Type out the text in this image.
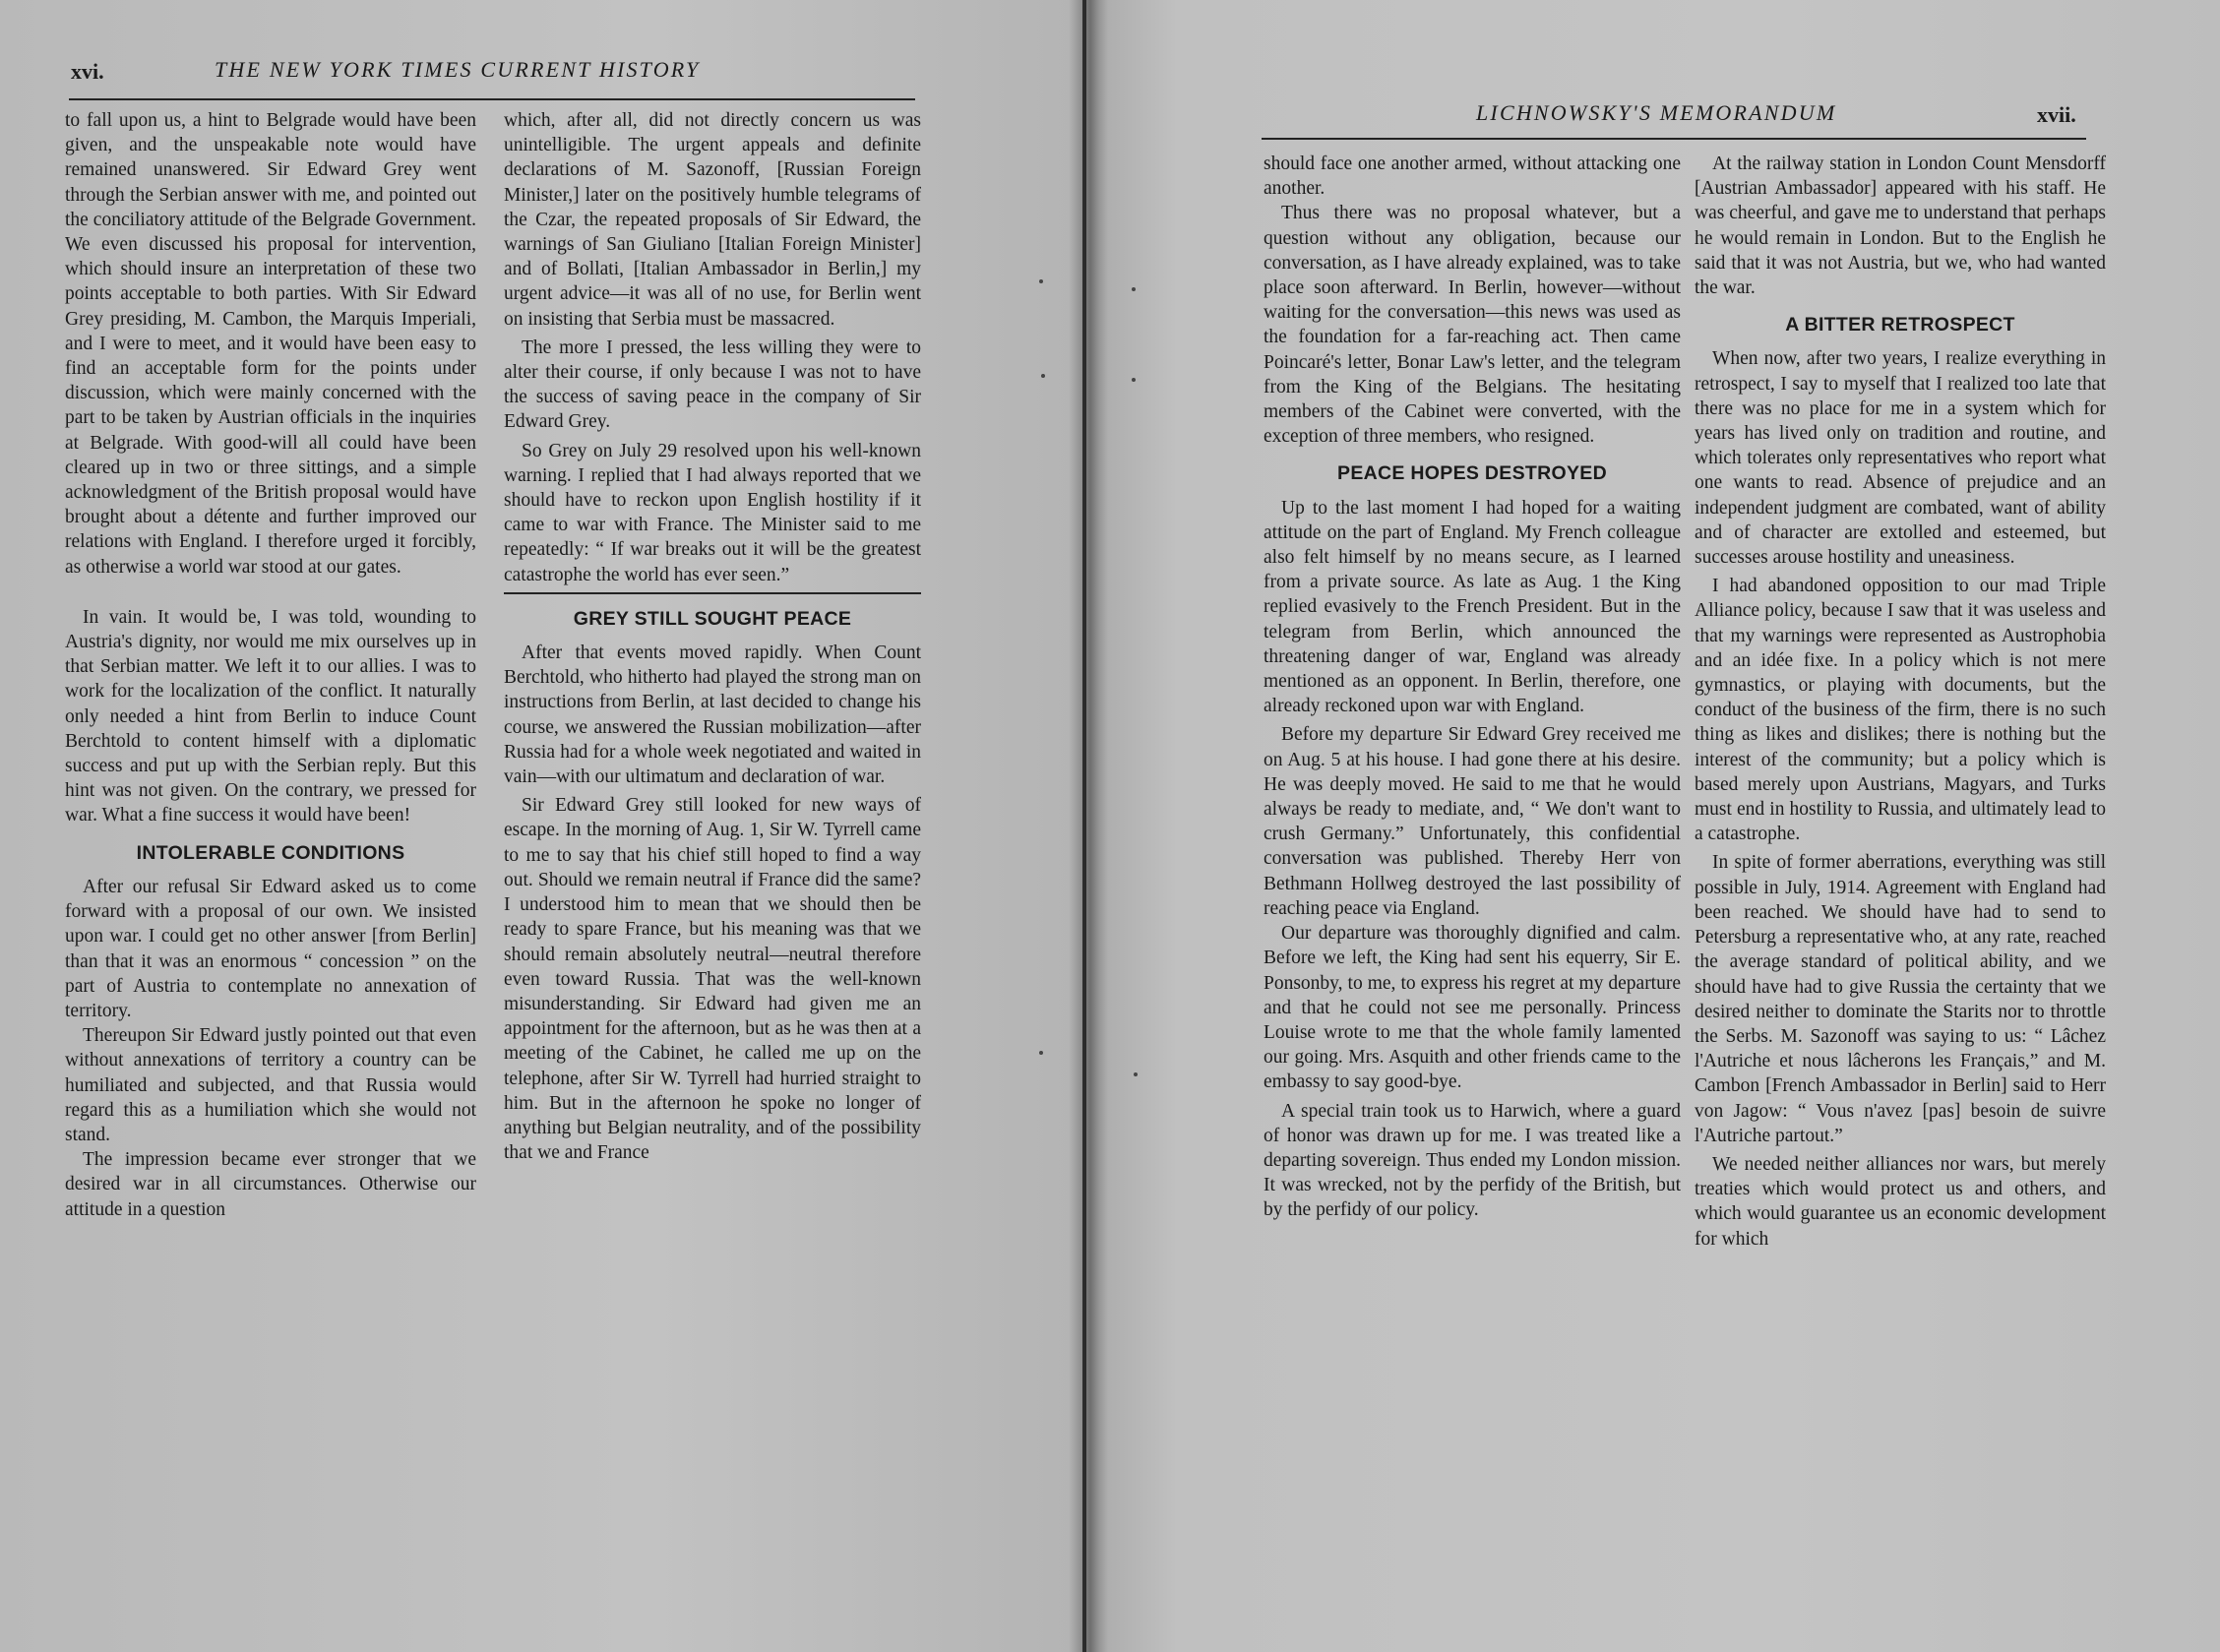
xvi.	THE NEW YORK TIMES CURRENT HISTORY

to fall upon us, a hint to Belgrade would have been given, and the unspeakable note would have remained unanswered. Sir Edward Grey went through the Serbian answer with me, and pointed out the conciliatory attitude of the Belgrade Government. We even discussed his proposal for intervention, which should insure an interpretation of these two points acceptable to both parties. With Sir Edward Grey presiding, M. Cambon, the Marquis Imperiali, and I were to meet, and it would have been easy to find an acceptable form for the points under discussion, which were mainly concerned with the part to be taken by Austrian officials in the inquiries at Belgrade. With good-will all could have been cleared up in two or three sittings, and a simple acknowledgment of the British proposal would have brought about a détente and further improved our relations with England. I therefore urged it forcibly, as otherwise a world war stood at our gates.

In vain. It would be, I was told, wounding to Austria's dignity, nor would me mix ourselves up in that Serbian matter. We left it to our allies. I was to work for the localization of the conflict. It naturally only needed a hint from Berlin to induce Count Berchtold to content himself with a diplomatic success and put up with the Serbian reply. But this hint was not given. On the contrary, we pressed for war. What a fine success it would have been!

INTOLERABLE CONDITIONS

After our refusal Sir Edward asked us to come forward with a proposal of our own. We insisted upon war. I could get no other answer [from Berlin] than that it was an enormous “ concession ” on the part of Austria to contemplate no annexation of territory.

Thereupon Sir Edward justly pointed out that even without annexations of territory a country can be humiliated and subjected, and that Russia would regard this as a humiliation which she would not stand.

The impression became ever stronger that we desired war in all circumstances. Otherwise our attitude in a question

which, after all, did not directly concern us was unintelligible. The urgent appeals and definite declarations of M. Sazonoff, [Russian Foreign Minister,] later on the positively humble telegrams of the Czar, the repeated proposals of Sir Edward, the warnings of San Giuliano [Italian Foreign Minister] and of Bollati, [Italian Ambassador in Berlin,] my urgent advice—it was all of no use, for Berlin went on insisting that Serbia must be massacred.

The more I pressed, the less willing they were to alter their course, if only because I was not to have the success of saving peace in the company of Sir Edward Grey.

So Grey on July 29 resolved upon his well-known warning. I replied that I had always reported that we should have to reckon upon English hostility if it came to war with France. The Minister said to me repeatedly: “ If war breaks out it will be the greatest catastrophe the world has ever seen.”

GREY STILL SOUGHT PEACE

After that events moved rapidly. When Count Berchtold, who hitherto had played the strong man on instructions from Berlin, at last decided to change his course, we answered the Russian mobilization—after Russia had for a whole week negotiated and waited in vain—with our ultimatum and declaration of war.

Sir Edward Grey still looked for new ways of escape. In the morning of Aug. 1, Sir W. Tyrrell came to me to say that his chief still hoped to find a way out. Should we remain neutral if France did the same? I understood him to mean that we should then be ready to spare France, but his meaning was that we should remain absolutely neutral—neutral therefore even toward Russia. That was the well-known misunderstanding. Sir Edward had given me an appointment for the afternoon, but as he was then at a meeting of the Cabinet, he called me up on the telephone, after Sir W. Tyrrell had hurried straight to him. But in the afternoon he spoke no longer of anything but Belgian neutrality, and of the possibility that we and France

LICHNOWSKY'S MEMORANDUM	xvii.

should face one another armed, without attacking one another.

Thus there was no proposal whatever, but a question without any obligation, because our conversation, as I have already explained, was to take place soon afterward. In Berlin, however—without waiting for the conversation—this news was used as the foundation for a far-reaching act. Then came Poincaré's letter, Bonar Law's letter, and the telegram from the King of the Belgians. The hesitating members of the Cabinet were converted, with the exception of three members, who resigned.

PEACE HOPES DESTROYED

Up to the last moment I had hoped for a waiting attitude on the part of England. My French colleague also felt himself by no means secure, as I learned from a private source. As late as Aug. 1 the King replied evasively to the French President. But in the telegram from Berlin, which announced the threatening danger of war, England was already mentioned as an opponent. In Berlin, therefore, one already reckoned upon war with England.

Before my departure Sir Edward Grey received me on Aug. 5 at his house. I had gone there at his desire. He was deeply moved. He said to me that he would always be ready to mediate, and, “ We don't want to crush Germany.” Unfortunately, this confidential conversation was published. Thereby Herr von Bethmann Hollweg destroyed the last possibility of reaching peace via England.

Our departure was thoroughly dignified and calm. Before we left, the King had sent his equerry, Sir E. Ponsonby, to me, to express his regret at my departure and that he could not see me personally. Princess Louise wrote to me that the whole family lamented our going. Mrs. Asquith and other friends came to the embassy to say good-bye.

A special train took us to Harwich, where a guard of honor was drawn up for me. I was treated like a departing sovereign. Thus ended my London mission. It was wrecked, not by the perfidy of the British, but by the perfidy of our policy.

At the railway station in London Count Mensdorff [Austrian Ambassador] appeared with his staff. He was cheerful, and gave me to understand that perhaps he would remain in London. But to the English he said that it was not Austria, but we, who had wanted the war.

A BITTER RETROSPECT

When now, after two years, I realize everything in retrospect, I say to myself that I realized too late that there was no place for me in a system which for years has lived only on tradition and routine, and which tolerates only representatives who report what one wants to read. Absence of prejudice and an independent judgment are combated, want of ability and of character are extolled and esteemed, but successes arouse hostility and uneasiness.

I had abandoned opposition to our mad Triple Alliance policy, because I saw that it was useless and that my warnings were represented as Austrophobia and an idée fixe. In a policy which is not mere gymnastics, or playing with documents, but the conduct of the business of the firm, there is no such thing as likes and dislikes; there is nothing but the interest of the community; but a policy which is based merely upon Austrians, Magyars, and Turks must end in hostility to Russia, and ultimately lead to a catastrophe.

In spite of former aberrations, everything was still possible in July, 1914. Agreement with England had been reached. We should have had to send to Petersburg a representative who, at any rate, reached the average standard of political ability, and we should have had to give Russia the certainty that we desired neither to dominate the Starits nor to throttle the Serbs. M. Sazonoff was saying to us: “ Lâchez l'Autriche et nous lâcherons les Français,” and M. Cambon [French Ambassador in Berlin] said to Herr von Jagow: “ Vous n'avez [pas] besoin de suivre l'Autriche partout.”

We needed neither alliances nor wars, but merely treaties which would protect us and others, and which would guarantee us an economic development for which
